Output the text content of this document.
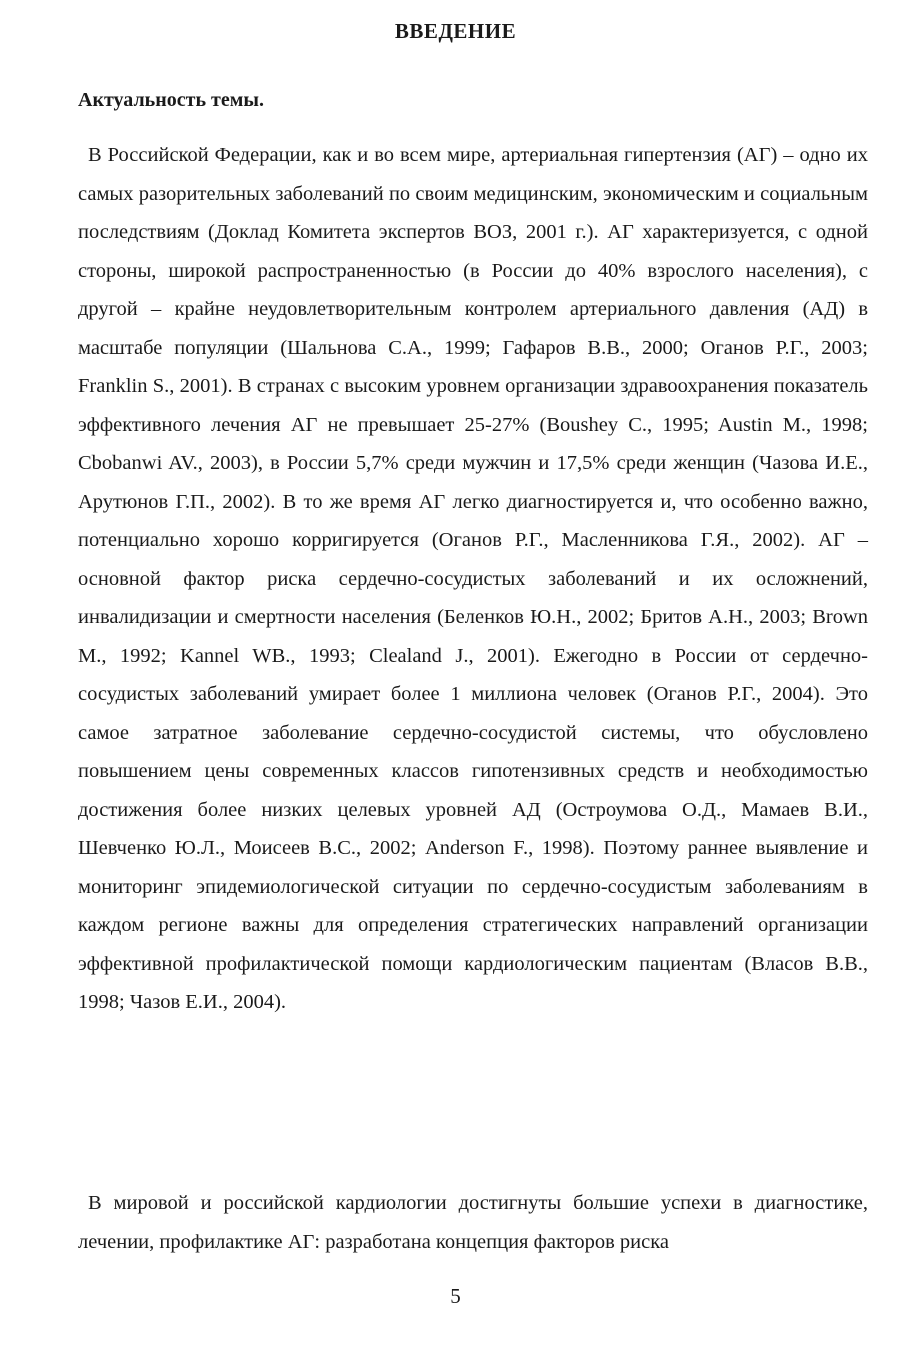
ВВЕДЕНИЕ
Актуальность темы.

В Российской Федерации, как и во всем мире, артериальная гипертензия (АГ) – одно их самых разорительных заболеваний по своим медицинским, экономическим и социальным последствиям (Доклад Комитета экспертов ВОЗ, 2001 г.). АГ характеризуется, с одной стороны, широкой распространенностью (в России до 40% взрослого населения), с другой – крайне неудовлетворительным контролем артериального давления (АД) в масштабе популяции (Шальнова С.А., 1999; Гафаров В.В., 2000; Оганов Р.Г., 2003; Franklin S., 2001). В странах с высоким уровнем организации здравоохранения показатель эффективного лечения АГ не превышает 25-27% (Boushey C., 1995; Austin M., 1998; Cbobanwi AV., 2003), в России 5,7% среди мужчин и 17,5% среди женщин (Чазова И.Е., Арутюнов Г.П., 2002). В то же время АГ легко диагностируется и, что особенно важно, потенциально хорошо корригируется (Оганов Р.Г., Масленникова Г.Я., 2002). АГ – основной фактор риска сердечно-сосудистых заболеваний и их осложнений, инвалидизации и смертности населения (Беленков Ю.Н., 2002; Бритов А.Н., 2003; Brown M., 1992; Kannel WB., 1993; Clealand J., 2001). Ежегодно в России от сердечно-сосудистых заболеваний умирает более 1 миллиона человек (Оганов Р.Г., 2004). Это самое затратное заболевание сердечно-сосудистой системы, что обусловлено повышением цены современных классов гипотензивных средств и необходимостью достижения более низких целевых уровней АД (Остроумова О.Д., Мамаев В.И., Шевченко Ю.Л., Моисеев В.С., 2002; Anderson F., 1998). Поэтому раннее выявление и мониторинг эпидемиологической ситуации по сердечно-сосудистым заболеваниям в каждом регионе важны для определения стратегических направлений организации эффективной профилактической помощи кардиологическим пациентам (Власов В.В., 1998; Чазов Е.И., 2004).

В мировой и российской кардиологии достигнуты большие успехи в диагностике, лечении, профилактике АГ: разработана концепция факторов риска

5
